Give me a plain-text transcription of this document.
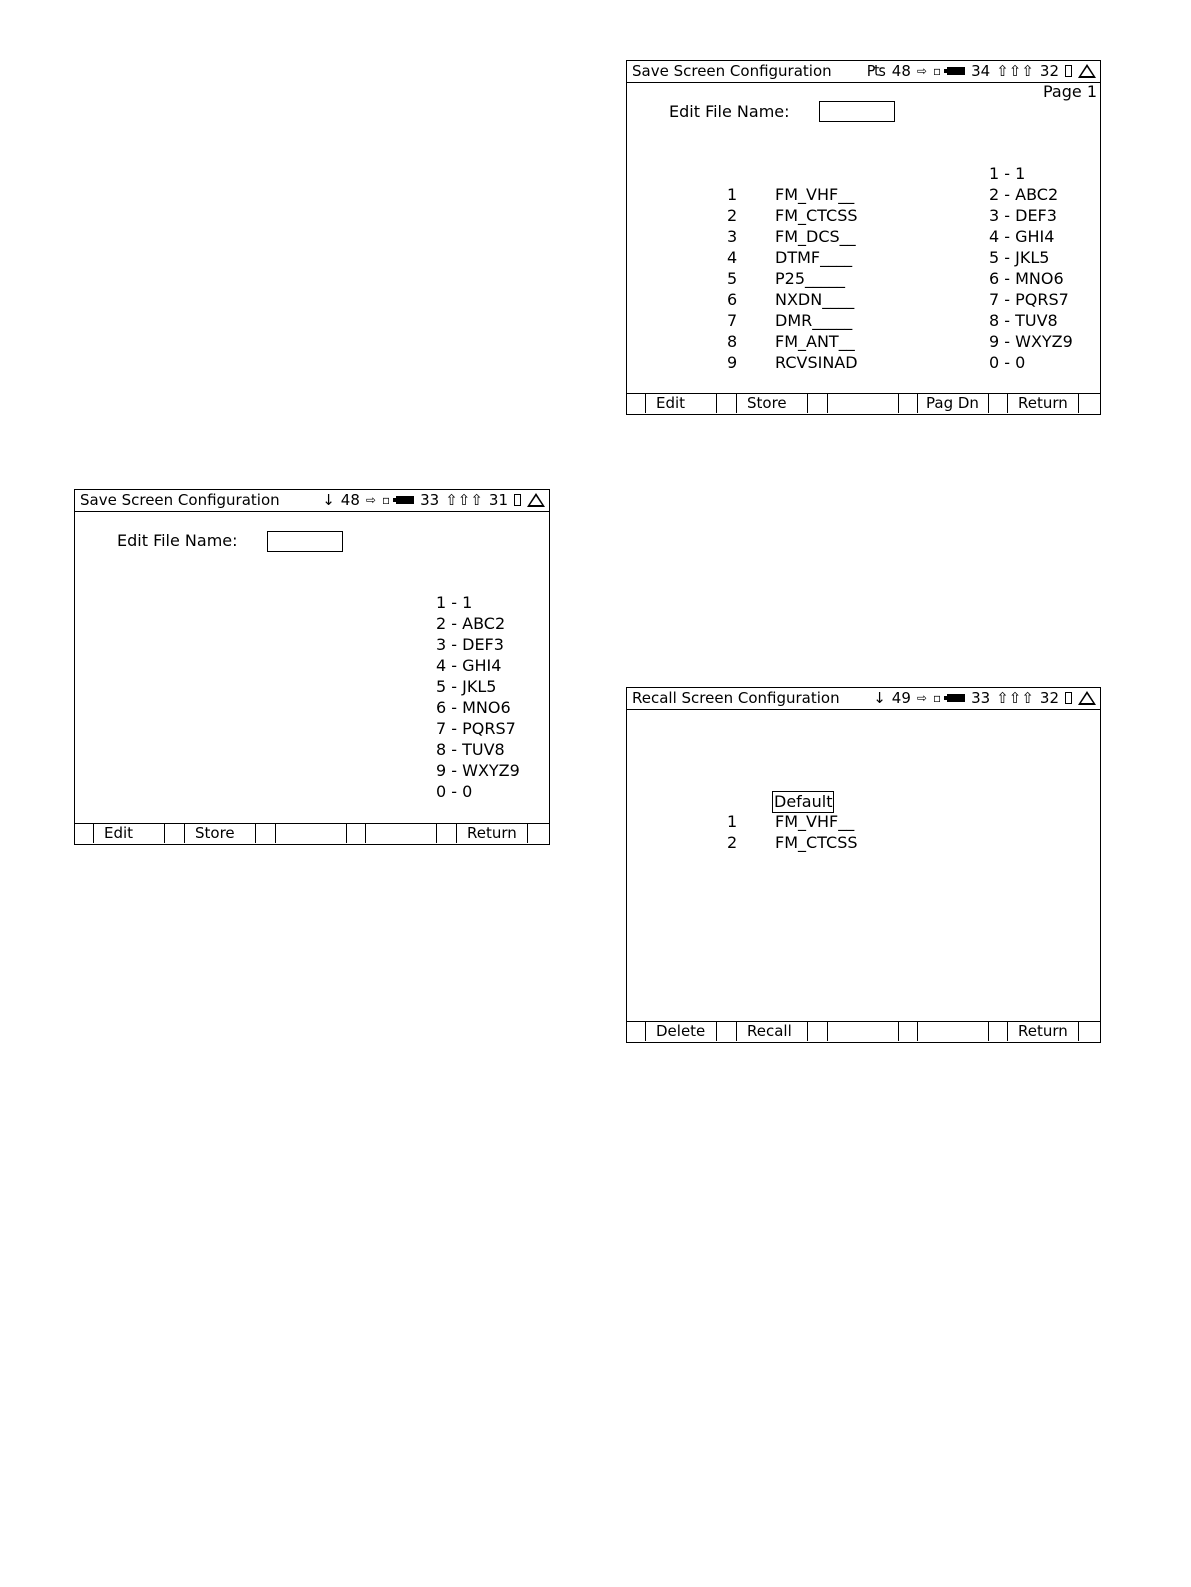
Save Screen Configuration ₧ 48 ⇨ ▫ 34 ⇧⇧⇧ 32
Page 1
Edit File Name:
1 FM_VHF__
2 FM_CTCSS
3 FM_DCS__
4 DTMF____
5 P25_____
6 NXDN____
7 DMR_____
8 FM_ANT__
9 RCVSINAD
1 - 1
2 - ABC2
3 - DEF3
4 - GHI4
5 - JKL5
6 - MNO6
7 - PQRS7
8 - TUV8
9 - WXYZ9
0 - 0
Edit	Store	Pag Dn	Return
Save Screen Configuration	↓ 48 ⇨ ▫ 33 ⇧⇧⇧ 31
Edit File Name:
1 - 1
2 - ABC2
3 - DEF3
4 - GHI4
5 - JKL5
6 - MNO6
7 - PQRS7
8 - TUV8
9 - WXYZ9
0 - 0
Edit	Store	Return
Recall Screen Configuration ↓ 49 ⇨ ▫ 33 ⇧⇧⇧ 32
Default
1 FM_VHF__
2 FM_CTCSS
Delete	Recall	Return
